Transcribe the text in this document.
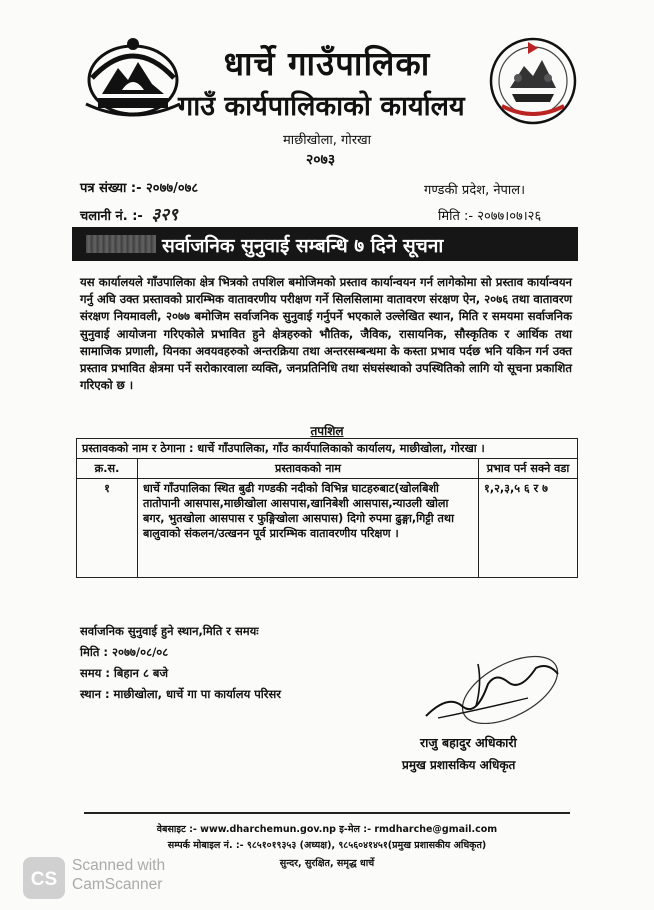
धार्चे गाउँपालिका
गाउँ कार्यपालिकाको कार्यालय
माछीखोला, गोरखा
२०७३
पत्र संख्या :- २०७७/०७८
चलानी नं. :- ३२९
गण्डकी प्रदेश, नेपाल।
मिति :- २०७७।०७।२६
सर्वाजनिक सुनुवाई सम्बन्धि ७ दिने सूचना
यस कार्यालयले गाँउपालिका क्षेत्र भित्रको तपशिल बमोजिमको प्रस्ताव कार्यान्वयन गर्न लागेकोमा सो प्रस्ताव कार्यान्वयन गर्नु अघि उक्त प्रस्तावको प्रारम्भिक वातावरणीय परीक्षण गर्ने सिलसिलामा वातावरण संरक्षण ऐन, २०७६ तथा वातावरण संरक्षण नियमावली, २०७७ बमोजिम सर्वाजनिक सुनुवाई गर्नुपर्ने भएकाले उल्लेखित स्थान, मिति र समयमा सर्वाजनिक सुनुवाई आयोजना गरिएकोले प्रभावित हुने क्षेत्रहरुको भौतिक, जैविक, रासायनिक, सौस्कृतिक र आर्थिक तथा सामाजिक प्रणाली, यिनका अवयवहरुको अन्तरक्रिया तथा अन्तरसम्बन्धमा के कस्ता प्रभाव पर्दछ भनि यकिन गर्न उक्त प्रस्ताव प्रभावित क्षेत्रमा पर्ने सरोकारवाला व्यक्ति, जनप्रतिनिधि तथा संघसंस्थाको उपस्थितिको लागि यो सूचना प्रकाशित गरिएको छ ।
तपशिल
प्रस्तावकको नाम र ठेगाना : धार्चे गाँउपालिका, गाँउ कार्यपालिकाको कार्यालय, माछीखोला, गोरखा ।		
क्र.स.	प्रस्तावकको नाम	प्रभाव पर्न सक्ने वडा
१	धार्चे गाँउपालिका स्थित बुढी गण्डकी नदीको विभिन्न घाटहरुबाट(खोलबिशी तातोपानी आसपास,माछीखोला आसपास,खानिबेशी आसपास,न्याउली खोला बगर, भुतखोला आसपास र फुङ्गिखोला आसपास) दिगो रुपमा ढुङ्गा,गिट्टी तथा बालुवाको संकलन/उत्खनन पूर्व प्रारम्भिक वातावरणीय परिक्षण ।	१,२,३,५ ६ र ७
सर्वाजनिक सुनुवाई हुने स्थान,मिति र समयः
मिति : २०७७/०८/०८
समय : बिहान ८ बजे
स्थान : माछीखोला, धार्चे गा पा कार्यालय परिसर
राजु बहादुर अधिकारी
प्रमुख प्रशासकिय अधिकृत
वेबसाइट :- www.dharchemun.gov.np इ-मेल :- rmdharche@gmail.com
सम्पर्क मोबाइल नं. :- ९८५१०१९३५३ (अध्यक्ष), ९८५६०४१४५१(प्रमुख प्रशासकीय अधिकृत)
सुन्दर, सुरक्षित, समृद्ध धार्चे
CS
Scanned with
CamScanner
